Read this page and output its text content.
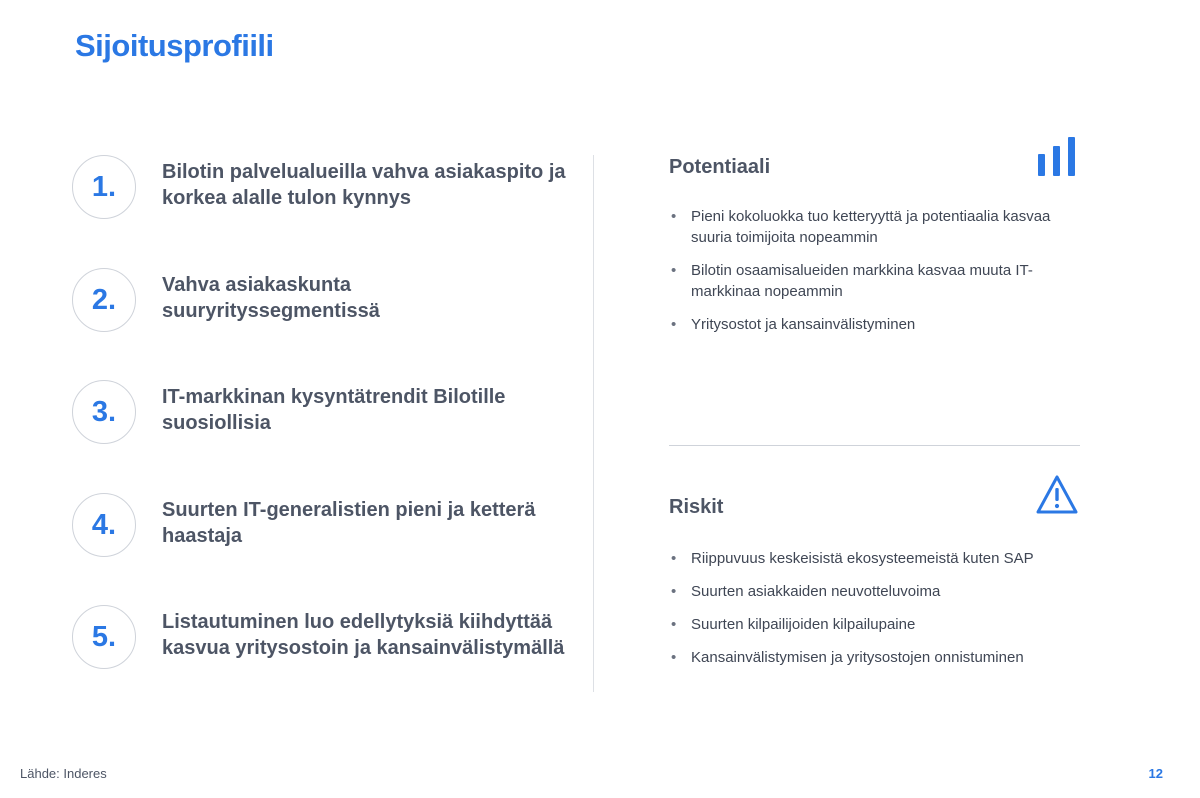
Sijoitusprofiili
1.	Bilotin palvelualueilla vahva asiakaspito ja korkea alalle tulon kynnys
2.	Vahva asiakaskunta suuryrityssegmentissä
3.	IT-markkinan kysyntätrendit Bilotille suosiollisia
4.	Suurten IT-generalistien pieni ja ketterä haastaja
5.	Listautuminen luo edellytyksiä kiihdyttää kasvua yritysostoin ja kansainvälistymällä
Potentiaali
• Pieni kokoluokka tuo ketteryyttä ja potentiaalia kasvaa suuria toimijoita nopeammin
• Bilotin osaamisalueiden markkina kasvaa muuta IT-markkinaa nopeammin
• Yritysostot ja kansainvälistyminen
Riskit
• Riippuvuus keskeisistä ekosysteemeistä kuten SAP
• Suurten asiakkaiden neuvotteluvoima
• Suurten kilpailijoiden kilpailupaine
• Kansainvälistymisen ja yritysostojen onnistuminen
Lähde: Inderes	12
